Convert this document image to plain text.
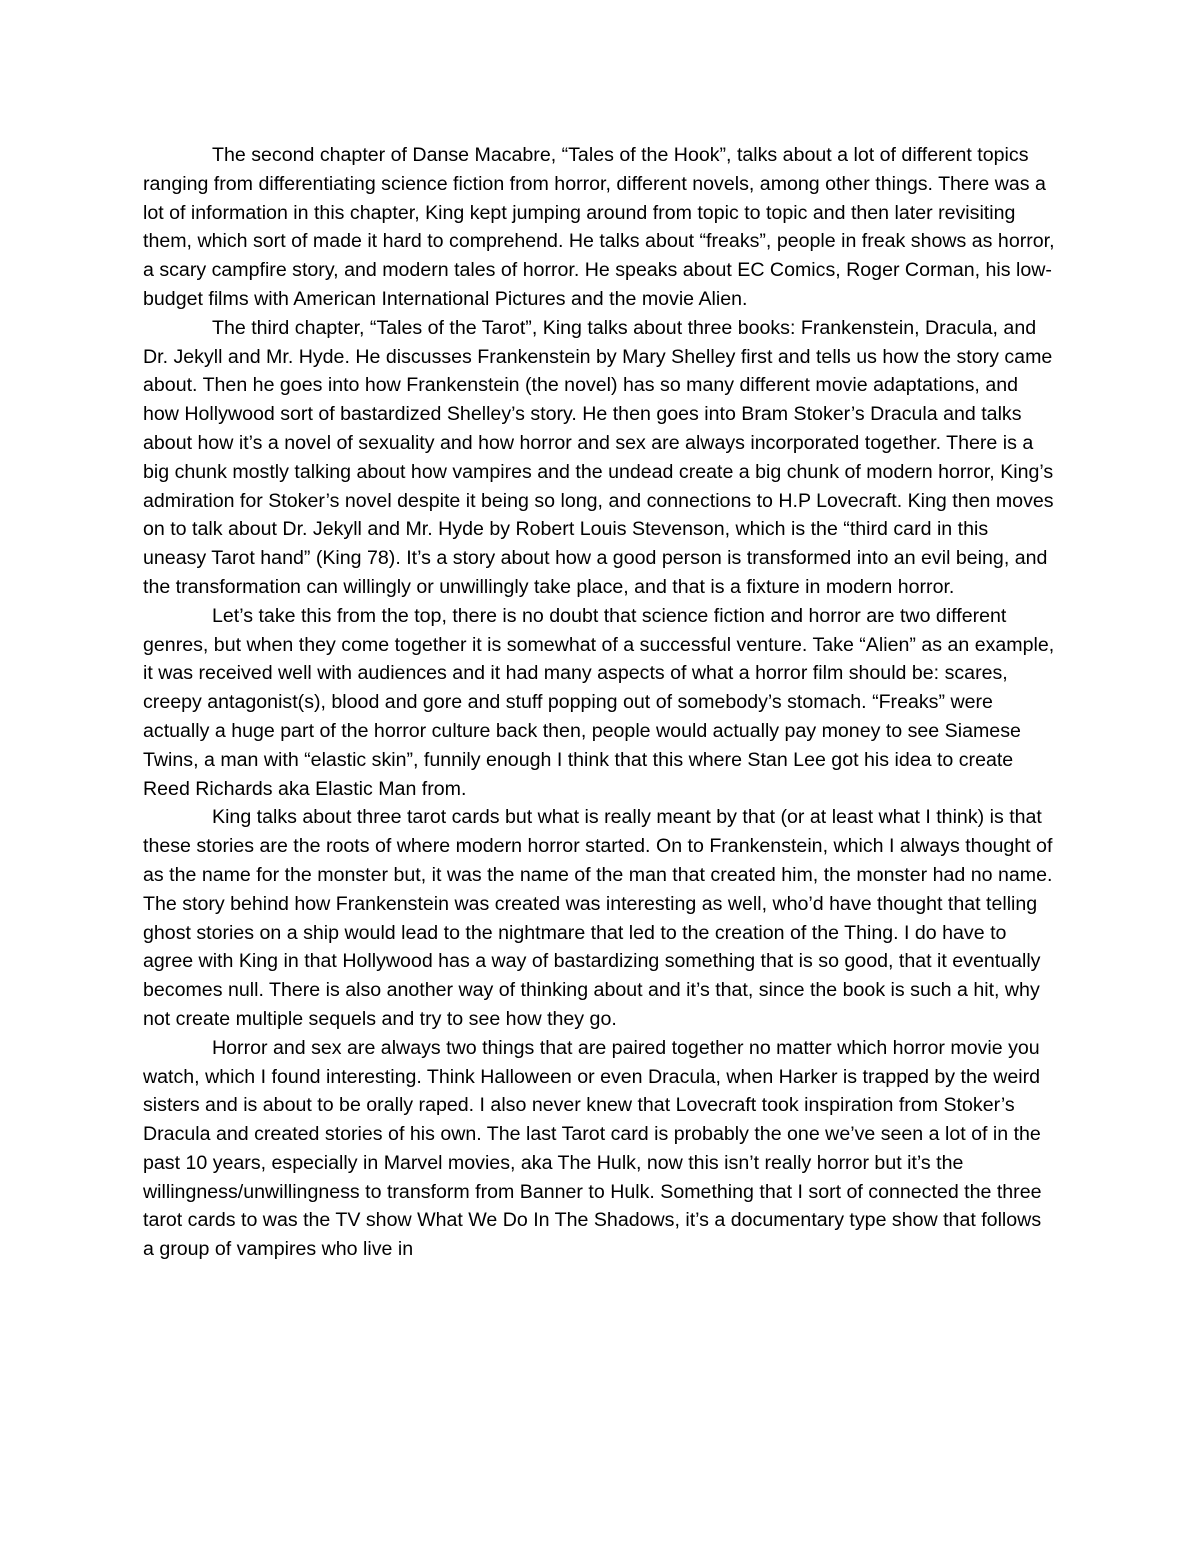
The second chapter of Danse Macabre, “Tales of the Hook”, talks about a lot of different topics ranging from differentiating science fiction from horror, different novels, among other things. There was a lot of information in this chapter, King kept jumping around from topic to topic and then later revisiting them, which sort of made it hard to comprehend. He talks about “freaks”, people in freak shows as horror, a scary campfire story, and modern tales of horror. He speaks about EC Comics, Roger Corman, his low-budget films with American International Pictures and the movie Alien.

The third chapter, “Tales of the Tarot”, King talks about three books: Frankenstein, Dracula, and Dr. Jekyll and Mr. Hyde. He discusses Frankenstein by Mary Shelley first and tells us how the story came about. Then he goes into how Frankenstein (the novel) has so many different movie adaptations, and how Hollywood sort of bastardized Shelley’s story. He then goes into Bram Stoker’s Dracula and talks about how it’s a novel of sexuality and how horror and sex are always incorporated together. There is a big chunk mostly talking about how vampires and the undead create a big chunk of modern horror, King’s admiration for Stoker’s novel despite it being so long, and connections to H.P Lovecraft. King then moves on to talk about Dr. Jekyll and Mr. Hyde by Robert Louis Stevenson, which is the “third card in this uneasy Tarot hand” (King 78). It’s a story about how a good person is transformed into an evil being, and the transformation can willingly or unwillingly take place, and that is a fixture in modern horror.

Let’s take this from the top, there is no doubt that science fiction and horror are two different genres, but when they come together it is somewhat of a successful venture. Take “Alien” as an example, it was received well with audiences and it had many aspects of what a horror film should be: scares, creepy antagonist(s), blood and gore and stuff popping out of somebody’s stomach. “Freaks” were actually a huge part of the horror culture back then, people would actually pay money to see Siamese Twins, a man with “elastic skin”, funnily enough I think that this where Stan Lee got his idea to create Reed Richards aka Elastic Man from.

King talks about three tarot cards but what is really meant by that (or at least what I think) is that these stories are the roots of where modern horror started. On to Frankenstein, which I always thought of as the name for the monster but, it was the name of the man that created him, the monster had no name. The story behind how Frankenstein was created was interesting as well, who’d have thought that telling ghost stories on a ship would lead to the nightmare that led to the creation of the Thing. I do have to agree with King in that Hollywood has a way of bastardizing something that is so good, that it eventually becomes null. There is also another way of thinking about and it’s that, since the book is such a hit, why not create multiple sequels and try to see how they go.

Horror and sex are always two things that are paired together no matter which horror movie you watch, which I found interesting. Think Halloween or even Dracula, when Harker is trapped by the weird sisters and is about to be orally raped. I also never knew that Lovecraft took inspiration from Stoker’s Dracula and created stories of his own. The last Tarot card is probably the one we’ve seen a lot of in the past 10 years, especially in Marvel movies, aka The Hulk, now this isn’t really horror but it’s the willingness/unwillingness to transform from Banner to Hulk. Something that I sort of connected the three tarot cards to was the TV show What We Do In The Shadows, it’s a documentary type show that follows a group of vampires who live in
